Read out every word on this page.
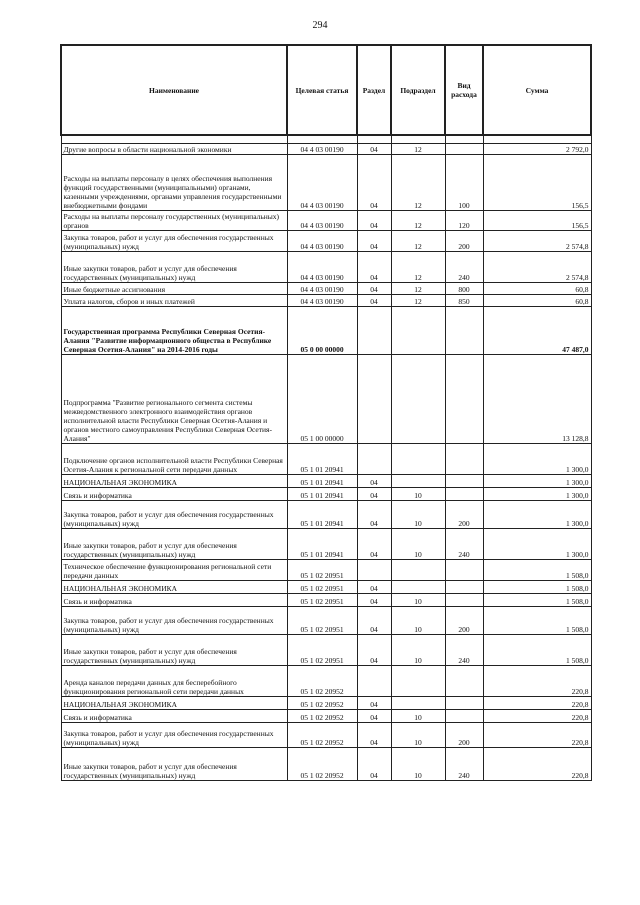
294
Наименование	Целевая статья	Раздел	Подраздел	Вид расхода	Сумма

Другие вопросы в области национальной экономики	04 4 03 00190	04	12		2 792,0
Расходы на выплаты персоналу в целях обеспечения выполнения функций государственными (муниципальными) органами, казенными учреждениями, органами управления государственными внебюджетными фондами	04 4 03 00190	04	12	100	156,5
Расходы на выплаты персоналу государственных (муниципальных) органов	04 4 03 00190	04	12	120	156,5
Закупка товаров, работ и услуг для обеспечения государственных (муниципальных) нужд	04 4 03 00190	04	12	200	2 574,8
Иные закупки товаров, работ и услуг для обеспечения государственных (муниципальных) нужд	04 4 03 00190	04	12	240	2 574,8
Иные бюджетные ассигнования	04 4 03 00190	04	12	800	60,8
Уплата налогов, сборов и иных платежей	04 4 03 00190	04	12	850	60,8
Государственная программа Республики Северная Осетия-Алания "Развитие информационного общества в Республике Северная Осетия-Алания" на 2014-2016 годы	05 0 00 00000				47 487,0
Подпрограмма "Развитие регионального сегмента системы межведомственного электронного взаимодействия органов исполнительной власти Республики Северная Осетия-Алания и органов местного самоуправления Республики Северная Осетия-Алания"	05 1 00 00000				13 128,8
Подключение органов исполнительной власти Республики Северная Осетия-Алания к региональной сети передачи данных	05 1 01 20941				1 300,0
НАЦИОНАЛЬНАЯ ЭКОНОМИКА	05 1 01 20941	04			1 300,0
Связь и информатика	05 1 01 20941	04	10		1 300,0
Закупка товаров, работ и услуг для обеспечения государственных (муниципальных) нужд	05 1 01 20941	04	10	200	1 300,0
Иные закупки товаров, работ и услуг для обеспечения государственных (муниципальных) нужд	05 1 01 20941	04	10	240	1 300,0
Техническое обеспечение функционирования региональной сети передачи данных	05 1 02 20951				1 508,0
НАЦИОНАЛЬНАЯ ЭКОНОМИКА	05 1 02 20951	04			1 508,0
Связь и информатика	05 1 02 20951	04	10		1 508,0
Закупка товаров, работ и услуг для обеспечения государственных (муниципальных) нужд	05 1 02 20951	04	10	200	1 508,0
Иные закупки товаров, работ и услуг для обеспечения государственных (муниципальных) нужд	05 1 02 20951	04	10	240	1 508,0
Аренда каналов передачи данных для бесперебойного функционирования региональной сети передачи данных	05 1 02 20952				220,8
НАЦИОНАЛЬНАЯ ЭКОНОМИКА	05 1 02 20952	04			220,8
Связь и информатика	05 1 02 20952	04	10		220,8
Закупка товаров, работ и услуг для обеспечения государственных (муниципальных) нужд	05 1 02 20952	04	10	200	220,8
Иные закупки товаров, работ и услуг для обеспечения государственных (муниципальных) нужд	05 1 02 20952	04	10	240	220,8
